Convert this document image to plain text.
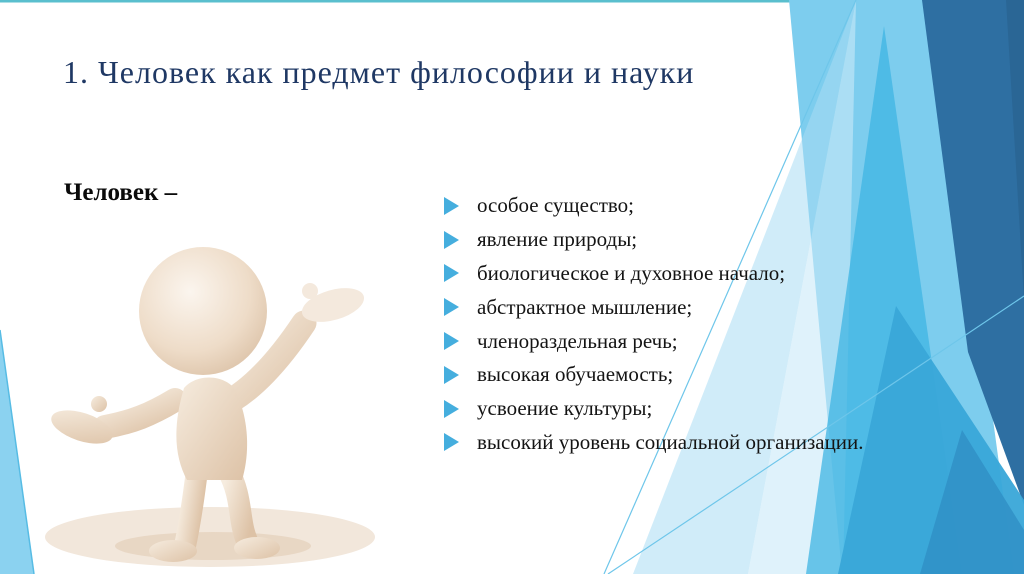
1. Человек как предмет философии и науки
Человек –	особое существо;
явление природы;
биологическое и духовное начало;
абстрактное мышление;
членораздельная речь;
высокая обучаемость;
усвоение культуры;
высокий уровень социальной организации.
